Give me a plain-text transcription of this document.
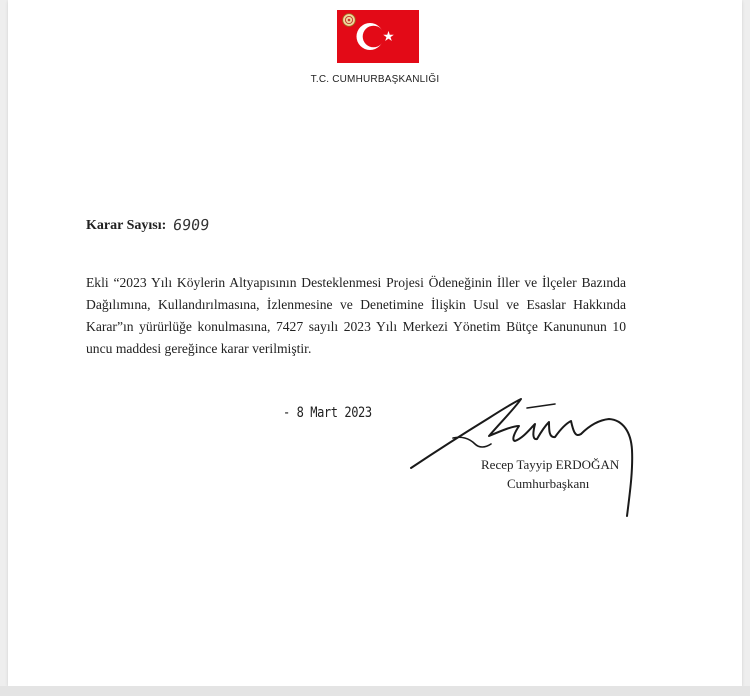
T.C. CUMHURBAŞKANLIĞI
Karar Sayısı: 6909
Ekli “2023 Yılı Köylerin Altyapısının Desteklenmesi Projesi Ödeneğinin İller ve İlçeler Bazında Dağılımına, Kullandırılmasına, İzlenmesine ve Denetimine İlişkin Usul ve Esaslar Hakkında Karar”ın yürürlüğe konulmasına, 7427 sayılı 2023 Yılı Merkezi Yönetim Bütçe Kanununun 10 uncu maddesi gereğince karar verilmiştir.
- 8 Mart 2023
Recep Tayyip ERDOĞAN
Cumhurbaşkanı
